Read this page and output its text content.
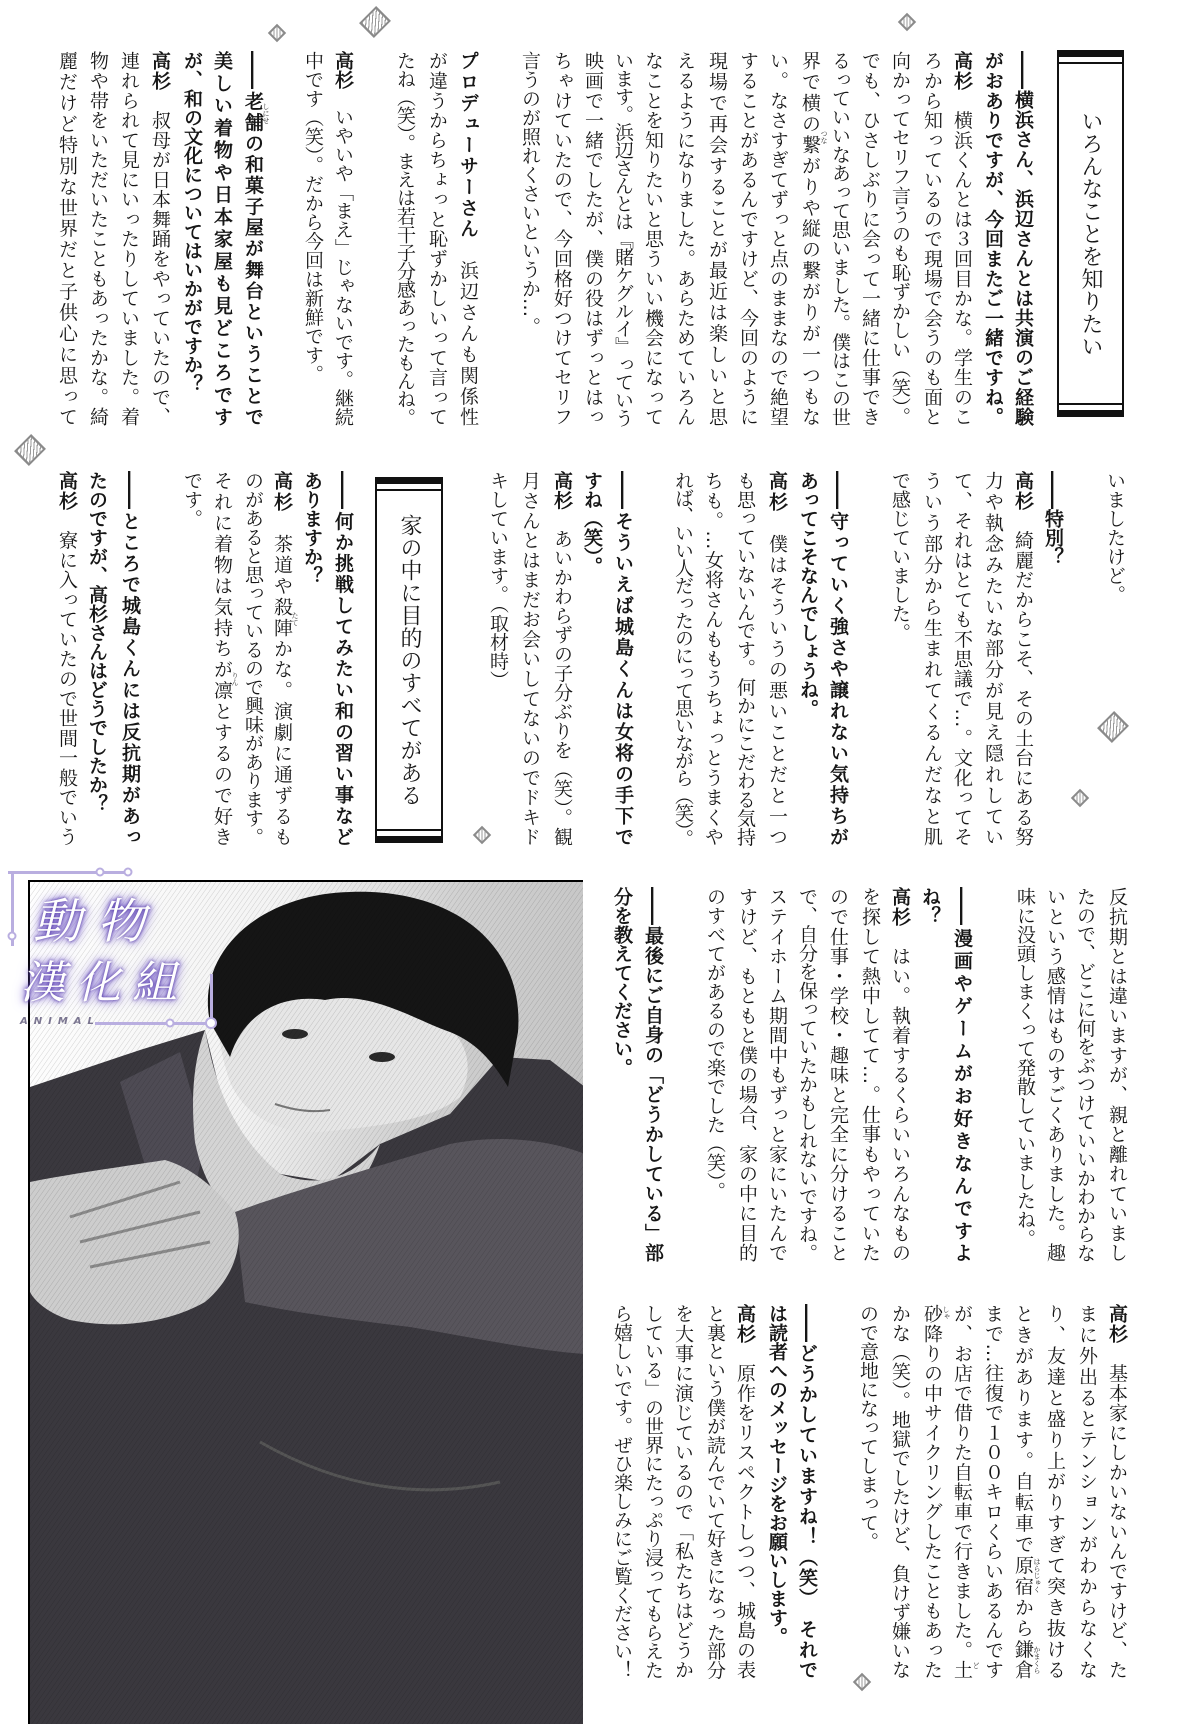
いろんなことを知りたい
――横浜さん、浜辺さんとは共演のご経験
がおありですが、今回またご一緒ですね。
高杉　横浜くんとは３回目かな。学生のこ
ろから知っているので現場で会うのも面と
向かってセリフ言うのも恥ずかしい（笑）。
でも、ひさしぶりに会って一緒に仕事でき
るっていいなあって思いました。僕はこの世
界で横の繋がりや縦の繋がりが一つもな
い。なさすぎてずっと点のままなので絶望
することがあるんですけど、今回のように
現場で再会することが最近は楽しいと思
えるようになりました。あらためていろん
なことを知りたいと思ういい機会になって
います。浜辺さんとは『賭ケグルイ』っていう
映画で一緒でしたが、僕の役はずっとはっ
ちゃけていたので、今回格好つけてセリフ
言うのが照れくさいというか…。
プロデューサーさん　浜辺さんも関係性
が違うからちょっと恥ずかしいって言って
たね（笑）。まえは若干子分感あったもんね。
高杉　いやいや「まえ」じゃないです。継続
中です（笑）。だから今回は新鮮です。
――老舗の和菓子屋が舞台ということで
美しい着物や日本家屋も見どころです
が、和の文化についてはいかがですか？
高杉　叔母が日本舞踊をやっていたので、
連れられて見にいったりしていました。着
物や帯をいただいたこともあったかな。綺
麗だけど特別な世界だと子供心に思って
いましたけど。
――特別？
高杉　綺麗だからこそ、その土台にある努
力や執念みたいな部分が見え隠れしてい
て、それはとても不思議で…。文化ってそ
ういう部分から生まれてくるんだなと肌
で感じていました。
――守っていく強さや譲れない気持ちが
あってこそなんでしょうね。
高杉　僕はそういうの悪いことだと一つ
も思っていないんです。何かにこだわる気持
ちも。…女将さんももうちょっとうまくや
れば、いい人だったのにって思いながら（笑）。
――そういえば城島くんは女将の手下で
すね（笑）。
高杉　あいかわらずの子分ぶりを（笑）。観
月さんとはまだお会いしてないのでドキド
キしています。（取材時）
家の中に目的のすべてがある
――何か挑戦してみたい和の習い事など
ありますか？
高杉　茶道や殺陣かな。演劇に通ずるも
のがあると思っているので興味があります。
それに着物は気持ちが凛とするので好き
です。
――ところで城島くんには反抗期があっ
たのですが、高杉さんはどうでしたか？
高杉　寮に入っていたので世間一般でいう
反抗期とは違いますが、親と離れていまし
たので、どこに何をぶつけていいかわからな
いという感情はものすごくありました。趣
味に没頭しまくって発散していましたね。
――漫画やゲームがお好きなんですよ
ね？
高杉　はい。執着するくらいいろんなもの
を探して熱中してて…。仕事もやっていた
ので仕事・学校・趣味と完全に分けること
で、自分を保っていたかもしれないですね。
ステイホーム期間中もずっと家にいたんで
すけど、もともと僕の場合、家の中に目的
のすべてがあるので楽でした（笑）。
――最後にご自身の「どうかしている」部
分を教えてください。
高杉　基本家にしかいないんですけど、た
まに外出るとテンションがわからなくな
り、友達と盛り上がりすぎて突き抜ける
ときがあります。自転車で原宿から鎌倉
まで…往復で１００キロくらいあるんです
が、お店で借りた自転車で行きました。土
砂降りの中サイクリングしたこともあった
かな（笑）。地獄でしたけど、負けず嫌いな
ので意地になってしまって。
――どうかしていますね！（笑）　それで
は読者へのメッセージをお願いします。
高杉　原作をリスペクトしつつ、城島の表
と裏という僕が読んでいて好きになった部分
を大事に演じているので「私たちはどうか
している」の世界にたっぷり浸ってもらえた
ら嬉しいです。ぜひ楽しみにご覧ください！
つな
しにせ
たて
りん
はらじゅく
かまくら
ど
しゃ
動物
漢化組
ANIMAL
